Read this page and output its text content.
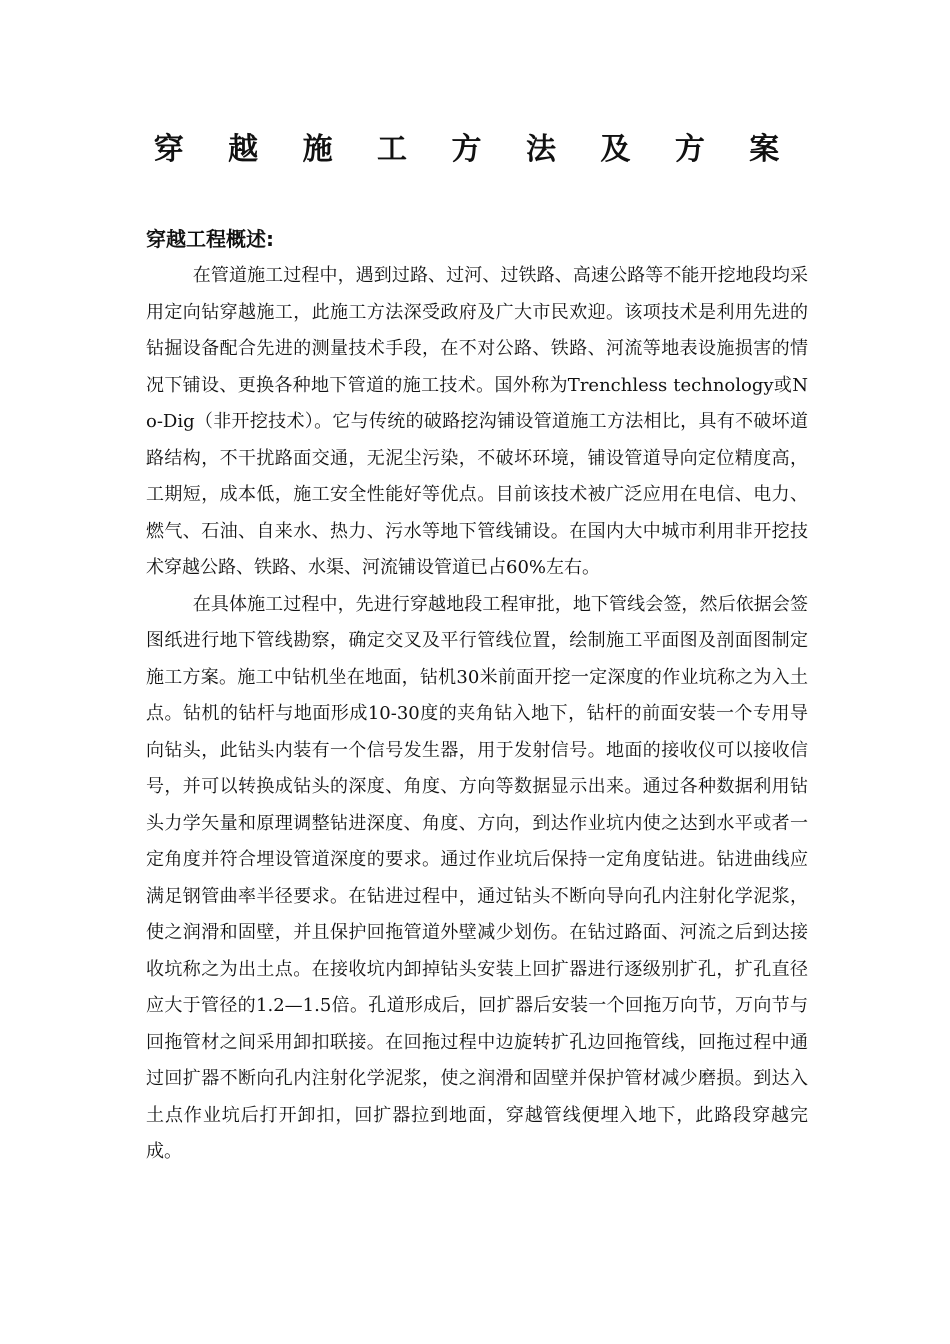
穿 越 施 工 方 法 及 方 案
穿越工程概述:

在管道施工过程中，遇到过路、过河、过铁路、高速公路等不能开挖地段均采用定向钻穿越施工，此施工方法深受政府及广大市民欢迎。该项技术是利用先进的钻掘设备配合先进的测量技术手段，在不对公路、铁路、河流等地表设施损害的情况下铺设、更换各种地下管道的施工技术。国外称为Trenchless technology或No-Dig（非开挖技术）。它与传统的破路挖沟铺设管道施工方法相比，具有不破坏道路结构，不干扰路面交通，无泥尘污染，不破坏环境，铺设管道导向定位精度高，工期短，成本低，施工安全性能好等优点。目前该技术被广泛应用在电信、电力、燃气、石油、自来水、热力、污水等地下管线铺设。在国内大中城市利用非开挖技术穿越公路、铁路、水渠、河流铺设管道已占60%左右。

在具体施工过程中，先进行穿越地段工程审批，地下管线会签，然后依据会签图纸进行地下管线勘察，确定交叉及平行管线位置，绘制施工平面图及剖面图制定施工方案。施工中钻机坐在地面，钻机30米前面开挖一定深度的作业坑称之为入土点。钻机的钻杆与地面形成10-30度的夹角钻入地下，钻杆的前面安装一个专用导向钻头，此钻头内装有一个信号发生器，用于发射信号。地面的接收仪可以接收信号，并可以转换成钻头的深度、角度、方向等数据显示出来。通过各种数据利用钻头力学矢量和原理调整钻进深度、角度、方向，到达作业坑内使之达到水平或者一定角度并符合埋设管道深度的要求。通过作业坑后保持一定角度钻进。钻进曲线应满足钢管曲率半径要求。在钻进过程中，通过钻头不断向导向孔内注射化学泥浆，使之润滑和固壁，并且保护回拖管道外壁减少划伤。在钻过路面、河流之后到达接收坑称之为出土点。在接收坑内卸掉钻头安装上回扩器进行逐级别扩孔，扩孔直径应大于管径的1.2—1.5倍。孔道形成后，回扩器后安装一个回拖万向节，万向节与回拖管材之间采用卸扣联接。在回拖过程中边旋转扩孔边回拖管线，回拖过程中通过回扩器不断向孔内注射化学泥浆，使之润滑和固壁并保护管材减少磨损。到达入土点作业坑后打开卸扣，回扩器拉到地面，穿越管线便埋入地下，此路段穿越完成。
